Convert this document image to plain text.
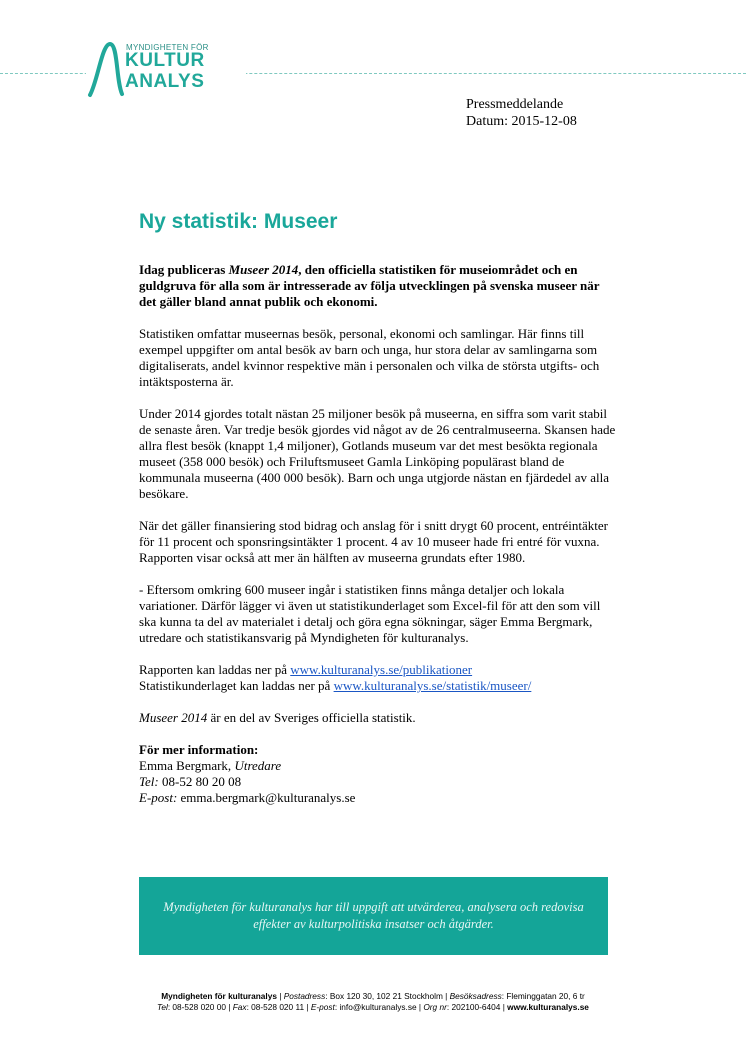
MYNDIGHETEN FÖR
KULTUR
ANALYS
Pressmeddelande
Datum: 2015-12-08
Ny statistik: Museer

Idag publiceras Museer 2014, den officiella statistiken för museiområdet och en guldgruva för alla som är intresserade av följa utvecklingen på svenska museer när det gäller bland annat publik och ekonomi.

Statistiken omfattar museernas besök, personal, ekonomi och samlingar. Här finns till exempel uppgifter om antal besök av barn och unga, hur stora delar av samlingarna som digitaliserats, andel kvinnor respektive män i personalen och vilka de största utgifts- och intäktsposterna är.

Under 2014 gjordes totalt nästan 25 miljoner besök på museerna, en siffra som varit stabil de senaste åren. Var tredje besök gjordes vid något av de 26 centralmuseerna. Skansen hade allra flest besök (knappt 1,4 miljoner), Gotlands museum var det mest besökta regionala museet (358 000 besök) och Friluftsmuseet Gamla Linköping populärast bland de kommunala museerna (400 000 besök). Barn och unga utgjorde nästan en fjärdedel av alla besökare.

När det gäller finansiering stod bidrag och anslag för i snitt drygt 60 procent, entréintäkter för 11 procent och sponsringsintäkter 1 procent. 4 av 10 museer hade fri entré för vuxna. Rapporten visar också att mer än hälften av museerna grundats efter 1980.

- Eftersom omkring 600 museer ingår i statistiken finns många detaljer och lokala variationer. Därför lägger vi även ut statistikunderlaget som Excel-fil för att den som vill ska kunna ta del av materialet i detalj och göra egna sökningar, säger Emma Bergmark, utredare och statistikansvarig på Myndigheten för kulturanalys.

Rapporten kan laddas ner på www.kulturanalys.se/publikationer
Statistikunderlaget kan laddas ner på www.kulturanalys.se/statistik/museer/

Museer 2014 är en del av Sveriges officiella statistik.

För mer information:
Emma Bergmark, Utredare
Tel: 08-52 80 20 08
E-post: emma.bergmark@kulturanalys.se

Myndigheten för kulturanalys har till uppgift att utvärderea, analysera och redovisa effekter av kulturpolitiska insatser och åtgärder.
Myndigheten för kulturanalys | Postadress: Box 120 30, 102 21 Stockholm | Besöksadress: Fleminggatan 20, 6 tr
Tel: 08-528 020 00 | Fax: 08-528 020 11 | E-post: info@kulturanalys.se | Org nr: 202100-6404 | www.kulturanalys.se
